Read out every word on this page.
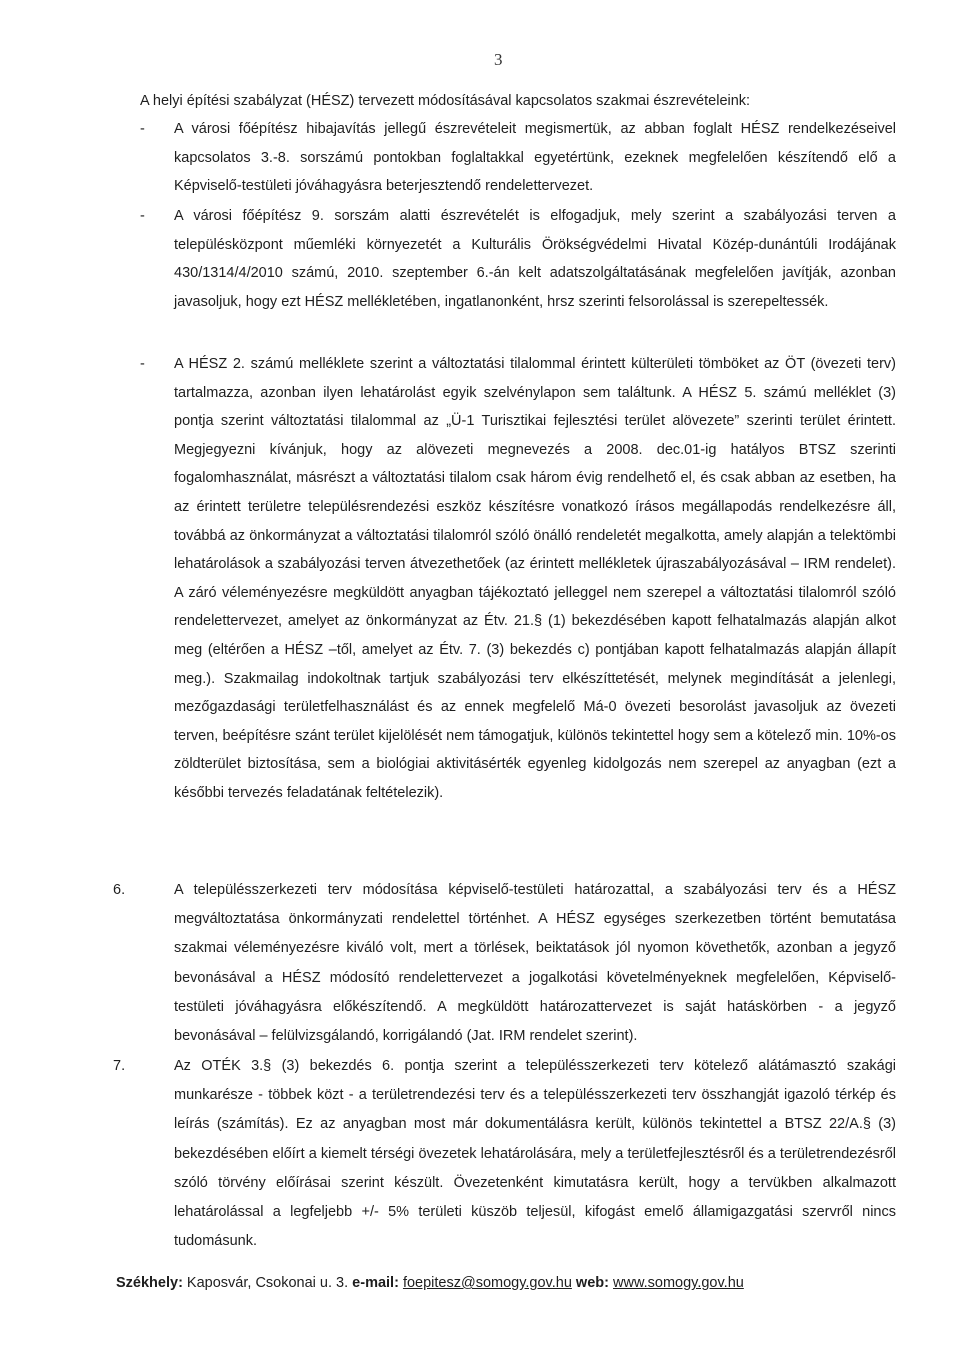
3

A helyi építési szabályzat (HÉSZ) tervezett módosításával kapcsolatos szakmai észrevételeink:

- A városi főépítész hibajavítás jellegű észrevételeit megismertük, az abban foglalt HÉSZ rendelkezéseivel kapcsolatos 3.-8. sorszámú pontokban foglaltakkal egyetértünk, ezeknek megfelelően készítendő elő a Képviselő-testületi jóváhagyásra beterjesztendő rendelettervezet.

- A városi főépítész 9. sorszám alatti észrevételét is elfogadjuk, mely szerint a szabályozási terven a településközpont műemléki környezetét a Kulturális Örökségvédelmi Hivatal Közép-dunántúli Irodájának 430/1314/4/2010 számú, 2010. szeptember 6.-án kelt adatszolgáltatásának megfelelően javítják, azonban javasoljuk, hogy ezt HÉSZ mellékletében, ingatlanonként, hrsz szerinti felsorolással is szerepeltessék.

- A HÉSZ 2. számú melléklete szerint a változtatási tilalommal érintett külterületi tömböket az ÖT (övezeti terv) tartalmazza, azonban ilyen lehatárolást egyik szelvénylapon sem találtunk. A HÉSZ 5. számú melléklet (3) pontja szerint változtatási tilalommal az „Ü-1 Turisztikai fejlesztési terület alövezete” szerinti terület érintett. Megjegyezni kívánjuk, hogy az alövezeti megnevezés a 2008. dec.01-ig hatályos BTSZ szerinti fogalomhasználat, másrészt a változtatási tilalom csak három évig rendelhető el, és csak abban az esetben, ha az érintett területre településrendezési eszköz készítésre vonatkozó írásos megállapodás rendelkezésre áll, továbbá az önkormányzat a változtatási tilalomról szóló önálló rendeletét megalkotta, amely alapján a telektömbi lehatárolások a szabályozási terven átvezethetőek (az érintett mellékletek újraszabályozásával – IRM rendelet). A záró véleményezésre megküldött anyagban tájékoztató jelleggel nem szerepel a változtatási tilalomról szóló rendelettervezet, amelyet az önkormányzat az Étv. 21.§ (1) bekezdésében kapott felhatalmazás alapján alkot meg (eltérően a HÉSZ –től, amelyet az Étv. 7. (3) bekezdés c) pontjában kapott felhatalmazás alapján állapít meg.). Szakmailag indokoltnak tartjuk szabályozási terv elkészíttetését, melynek megindítását a jelenlegi, mezőgazdasági területfelhasználást és az ennek megfelelő Má-0 övezeti besorolást javasoljuk az övezeti terven, beépítésre szánt terület kijelölését nem támogatjuk, különös tekintettel hogy sem a kötelező min. 10%-os zöldterület biztosítása, sem a biológiai aktivitásérték egyenleg kidolgozás nem szerepel az anyagban (ezt a későbbi tervezés feladatának feltételezik).

6.	A településszerkezeti terv módosítása képviselő-testületi határozattal, a szabályozási terv és a HÉSZ megváltoztatása önkormányzati rendelettel történhet. A HÉSZ egységes szerkezetben történt bemutatása szakmai véleményezésre kiváló volt, mert a törlések, beiktatások jól nyomon követhetők, azonban a jegyző bevonásával a HÉSZ módosító rendelettervezet a jogalkotási követelményeknek megfelelően, Képviselő-testületi jóváhagyásra előkészítendő. A megküldött határozattervezet is saját hatáskörben - a jegyző bevonásával – felülvizsgálandó, korrigálandó (Jat. IRM rendelet szerint).

7.	Az OTÉK 3.§ (3) bekezdés 6. pontja szerint a településszerkezeti terv kötelező alátámasztó szakági munkarésze - többek közt - a területrendezési terv és a településszerkezeti terv összhangját igazoló térkép és leírás (számítás). Ez az anyagban most már dokumentálásra került, különös tekintettel a BTSZ 22/A.§ (3) bekezdésében előírt a kiemelt térségi övezetek lehatárolására, mely a területfejlesztésről és a területrendezésről szóló törvény előírásai szerint készült. Övezetenként kimutatásra került, hogy a tervükben alkalmazott lehatárolással a legfeljebb +/- 5% területi küszöb teljesül, kifogást emelő államigazgatási szervről nincs tudomásunk.

Székhely: Kaposvár, Csokonai u. 3. e-mail: foepitesz@somogy.gov.hu web: www.somogy.gov.hu
